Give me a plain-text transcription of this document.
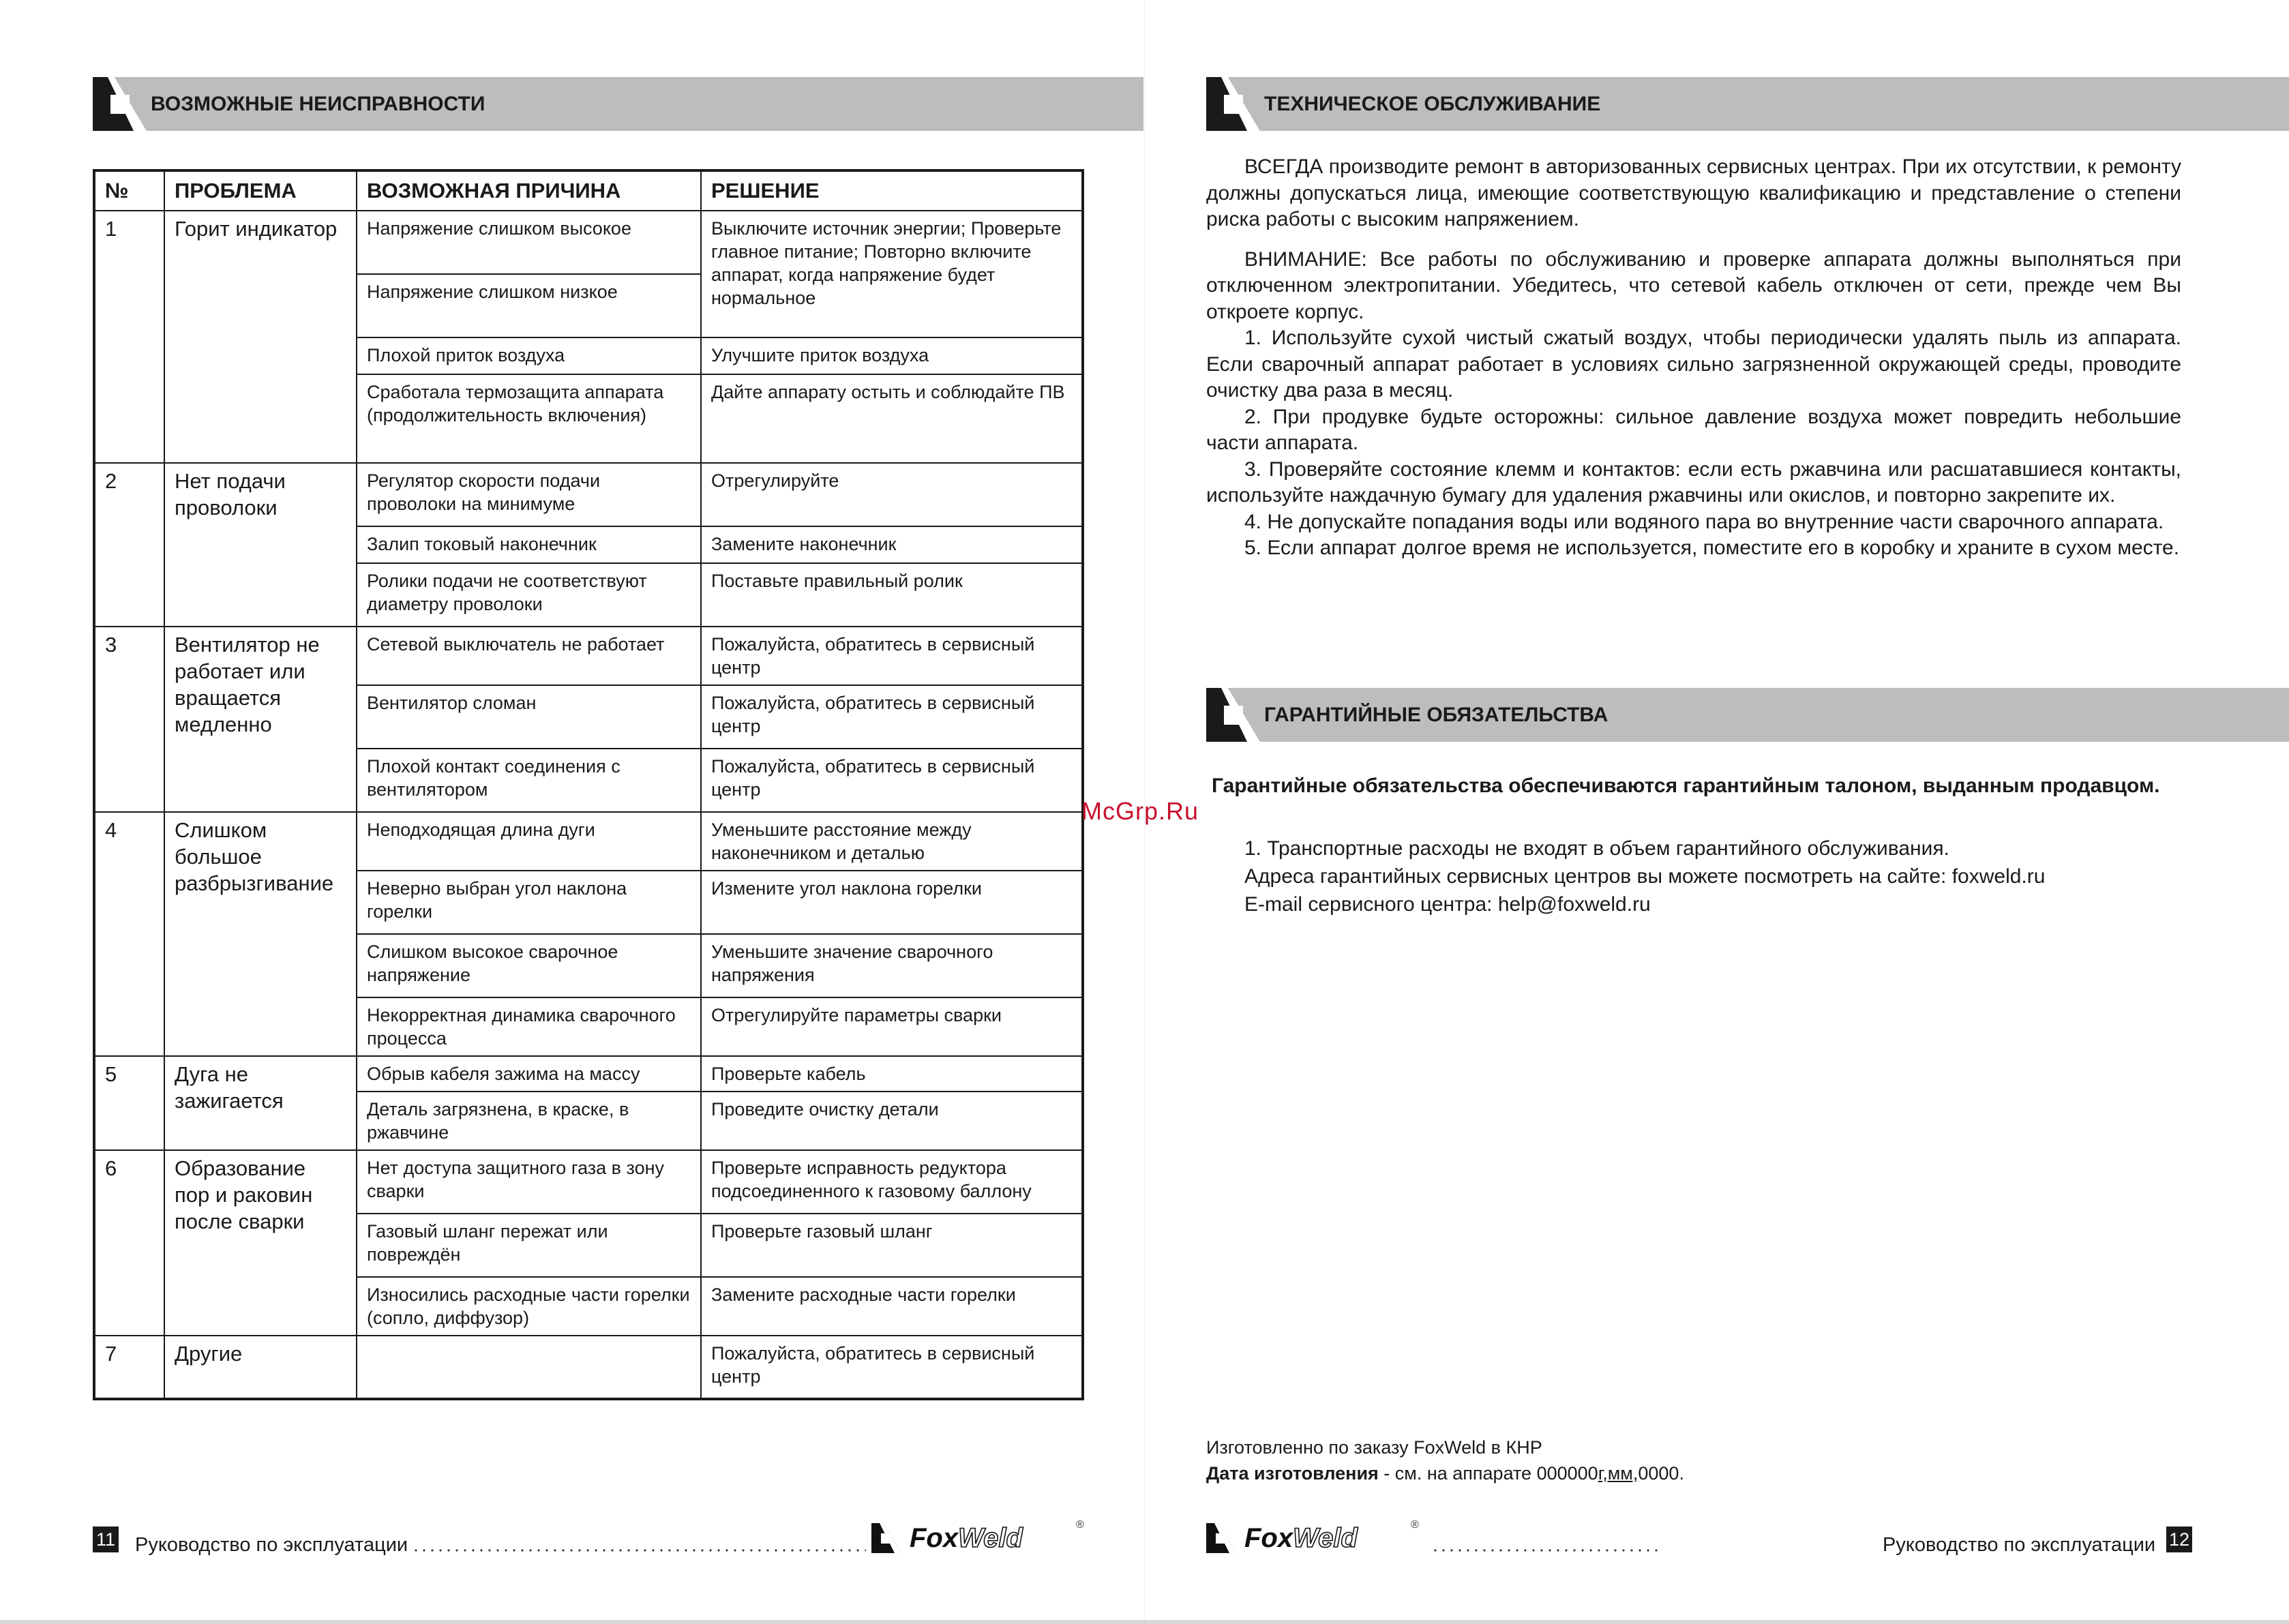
ВОЗМОЖНЫЕ НЕИСПРАВНОСТИ
№	ПРОБЛЕМА	ВОЗМОЖНАЯ ПРИЧИНА	РЕШЕНИЕ
1	Горит индикатор	Напряжение слишком высокое	Выключите источник энергии; Проверьте главное питание; Повторно включите аппарат, когда напряжение будет нормальное
		Напряжение слишком низкое	
		Плохой приток воздуха	Улучшите приток воздуха
		Сработала термозащита аппарата (продолжительность включения)	Дайте аппарату остыть и соблюдайте ПВ
2	Нет подачи проволоки	Регулятор скорости подачи проволоки на минимуме	Отрегулируйте
		Залип токовый наконечник	Замените наконечник
		Ролики подачи не соответствуют диаметру проволоки	Поставьте правильный ролик
3	Вентилятор не работает или вращается медленно	Сетевой выключатель не работает	Пожалуйста, обратитесь в сервисный центр
		Вентилятор сломан	Пожалуйста, обратитесь в сервисный центр
		Плохой контакт соединения с вентилятором	Пожалуйста, обратитесь в сервисный центр
4	Слишком большое разбрызгивание	Неподходящая длина дуги	Уменьшите расстояние между наконечником и деталью
		Неверно выбран угол наклона горелки	Измените угол наклона горелки
		Слишком высокое сварочное напряжение	Уменьшите значение сварочного напряжения
		Некорректная динамика сварочного процесса	Отрегулируйте параметры сварки
5	Дуга не зажигается	Обрыв кабеля зажима на массу	Проверьте кабель
		Деталь загрязнена, в краске, в ржавчине	Проведите очистку детали
6	Образование пор и раковин после сварки	Нет доступа защитного газа в зону сварки	Проверьте исправность редуктора подсоединенного к газовому баллону
		Газовый шланг пережат или повреждён	Проверьте газовый шланг
		Износились расходные части горелки (сопло, диффузор)	Замените расходные части горелки
7	Другие		Пожалуйста, обратитесь в сервисный центр
11 Руководство по эксплуатации	FoxWeld	®
ТЕХНИЧЕСКОЕ ОБСЛУЖИВАНИЕ

ВСЕГДА производите ремонт в авторизованных сервисных центрах. При их отсутствии, к ремонту должны допускаться лица, имеющие соответствующую квалификацию и представление о степени риска работы с высоким напряжением.

ВНИМАНИЕ: Все работы по обслуживанию и проверке аппарата должны выполняться при отключенном электропитании. Убедитесь, что сетевой кабель отключен от сети, прежде чем Вы откроете корпус.

1. Используйте сухой чистый сжатый воздух, чтобы периодически удалять пыль из аппарата. Если сварочный аппарат работает в условиях сильно загрязненной окружающей среды, проводите очистку два раза в месяц.

2. При продувке будьте осторожны: сильное давление воздуха может повредить небольшие части аппарата.

3. Проверяйте состояние клемм и контактов: если есть ржавчина или расшатавшиеся контакты, используйте наждачную бумагу для удаления ржавчины или окислов, и повторно закрепите их.

4. Не допускайте попадания воды или водяного пара во внутренние части сварочного аппарата.

5. Если аппарат долгое время не используется, поместите его в коробку и храните в сухом месте.

ГАРАНТИЙНЫЕ ОБЯЗАТЕЛЬСТВА
Гарантийные обязательства обеспечиваются гарантийным талоном, выданным продавцом.
1. Транспортные расходы не входят в объем гарантийного обслуживания.
Адреса гарантийных сервисных центров вы можете посмотреть на сайте: foxweld.ru
E-mail сервисного центра: help@foxweld.ru
Изготовленно по заказу FoxWeld в КНР
Дата изготовления - см. на аппарате 000000г,мм,0000.
FoxWeld	®
Руководство по эксплуатации 12
McGrp.Ru
